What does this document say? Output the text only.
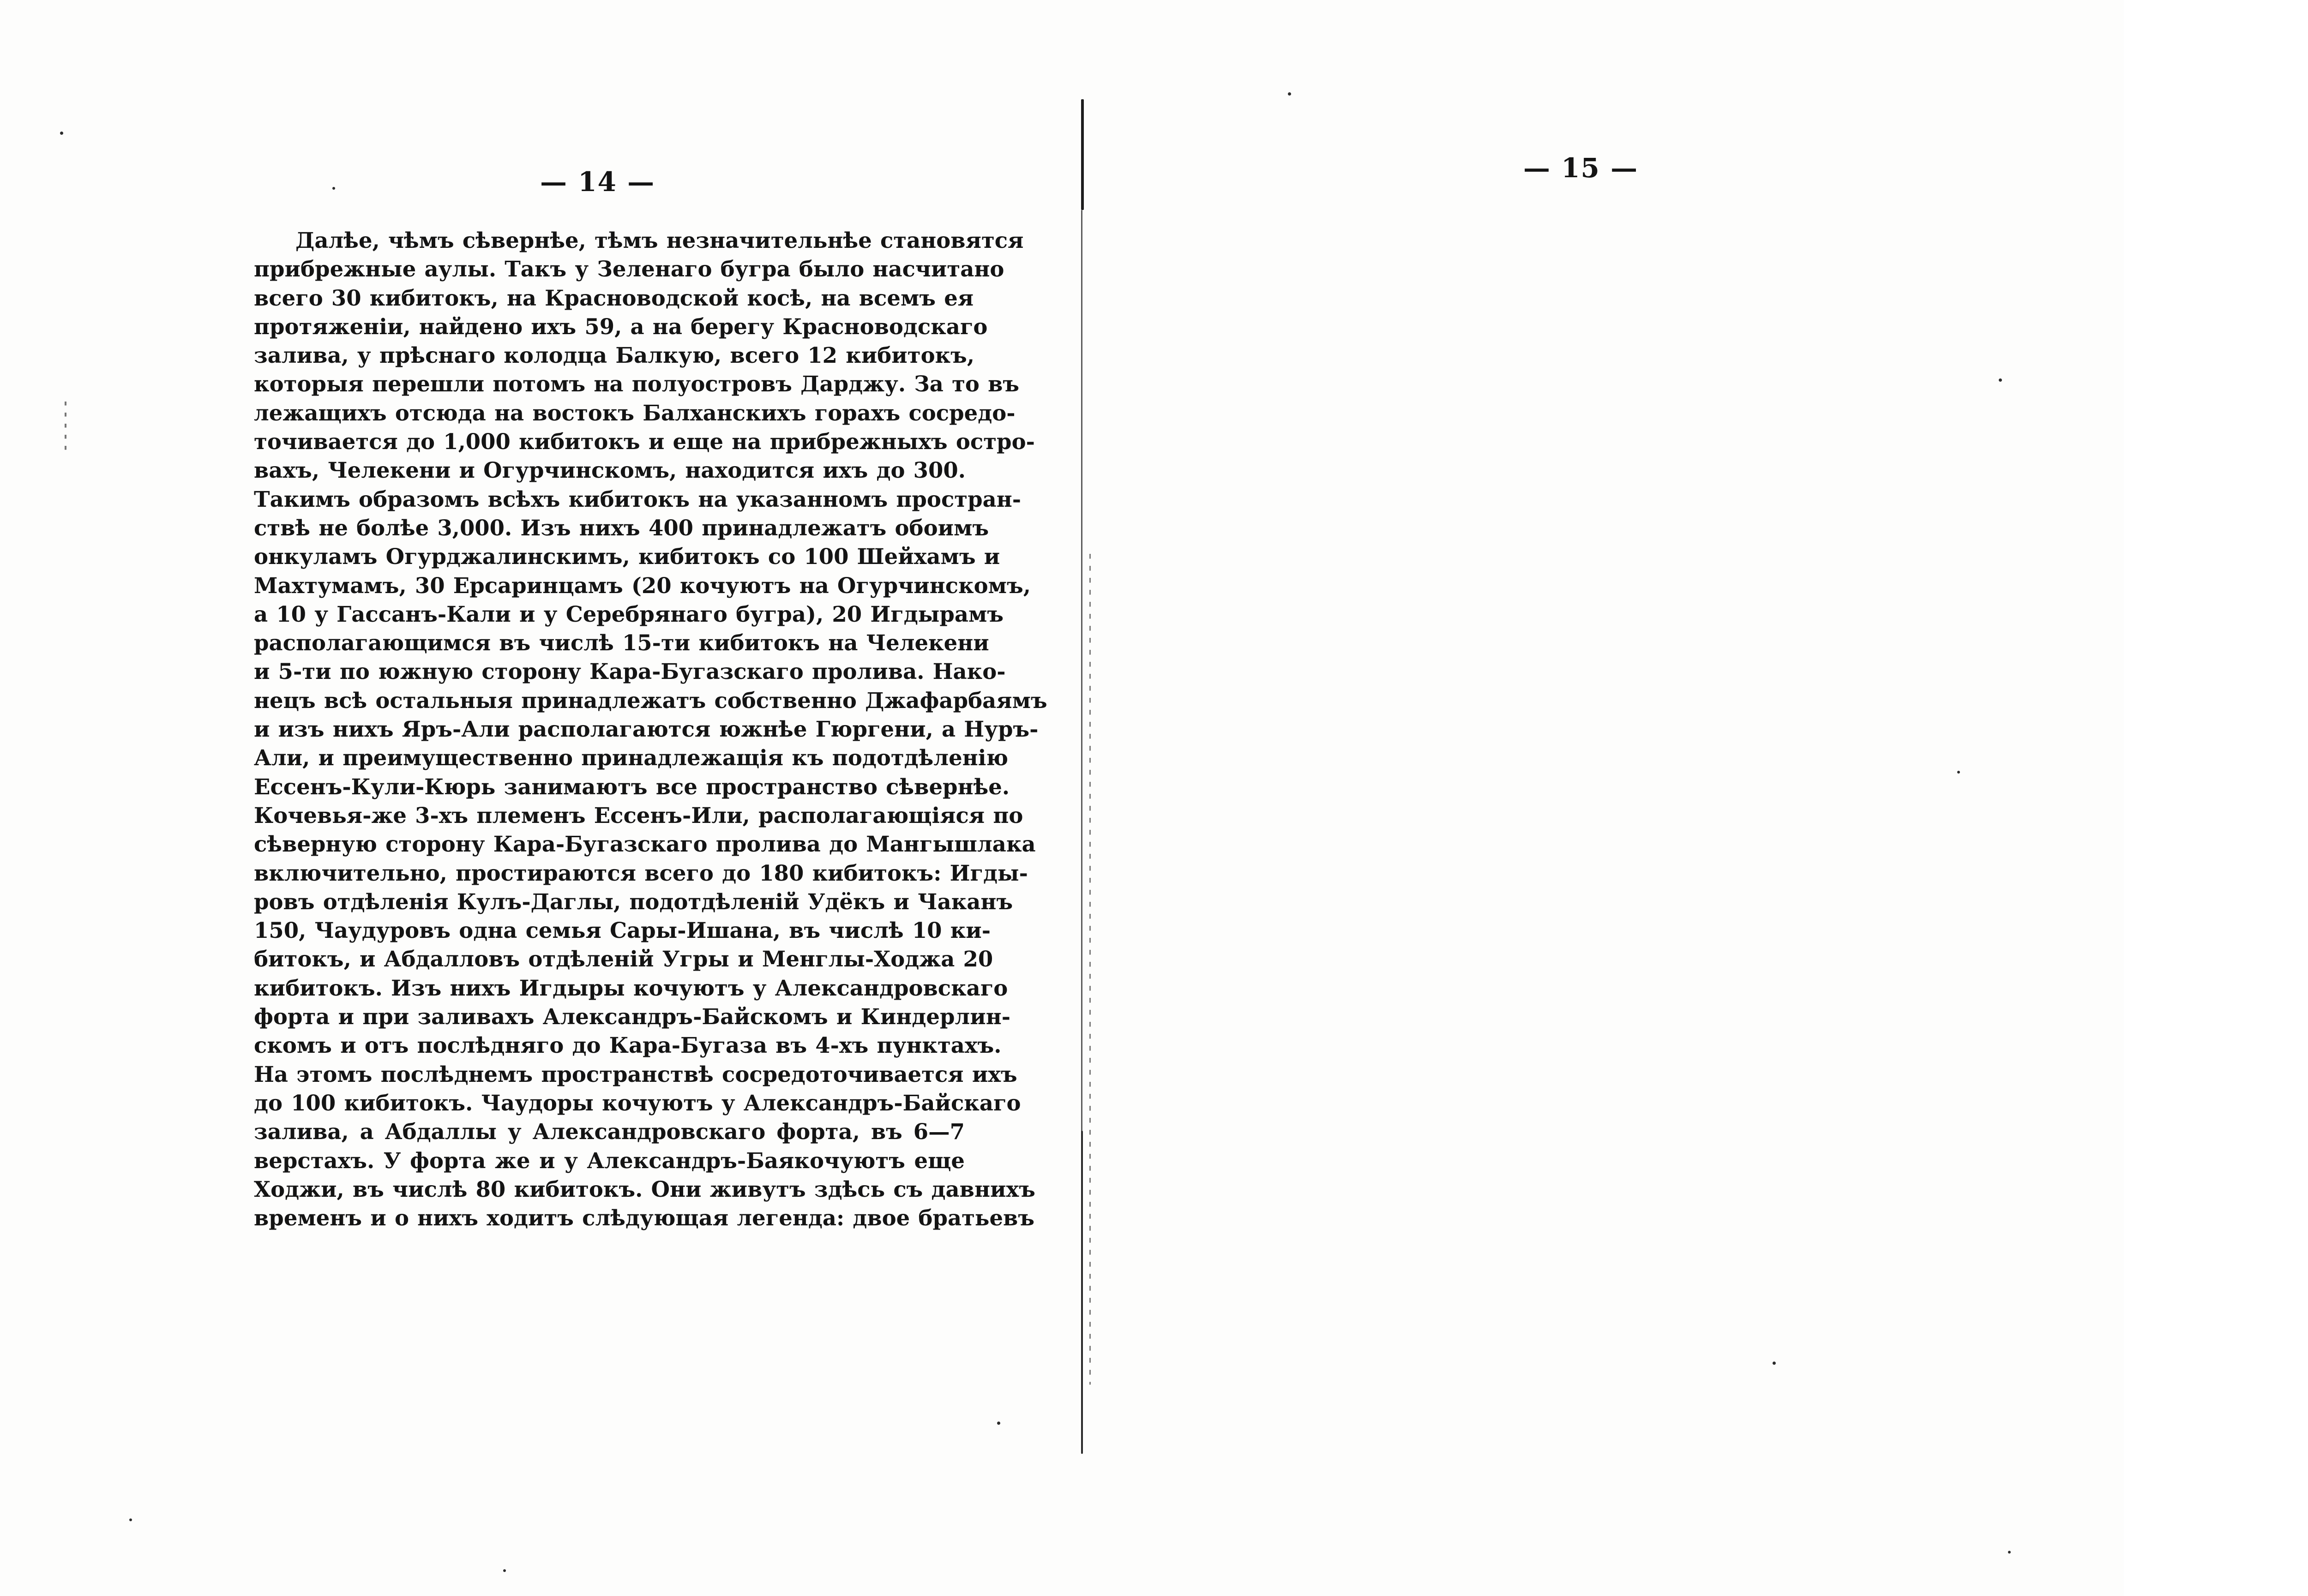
— 14 —
Далѣе, чѣмъ сѣвернѣе, тѣмъ незначительнѣе становятся
прибрежные аулы. Такъ у Зеленаго бугра было насчитано
всего 30 кибитокъ, на Красноводской косѣ, на всемъ ея
протяженіи, найдено ихъ 59, а на берегу Красноводскаго
залива, у прѣснаго колодца Балкую, всего 12 кибитокъ,
которыя перешли потомъ на полуостровъ Дарджу. За то въ
лежащихъ отсюда на востокъ Балханскихъ горахъ сосредо-
точивается до 1,000 кибитокъ и еще на прибрежныхъ остро-
вахъ, Челекени и Огурчинскомъ, находится ихъ до 300.
Такимъ образомъ всѣхъ кибитокъ на указанномъ простран-
ствѣ не болѣе 3,000. Изъ нихъ 400 принадлежатъ обоимъ
онкуламъ Огурджалинскимъ, кибитокъ со 100 Шейхамъ и
Махтумамъ, 30 Ерсаринцамъ (20 кочуютъ на Огурчинскомъ,
а 10 у Гассанъ-Кали и у Серебрянаго бугра), 20 Игдырамъ
располагающимся въ числѣ 15-ти кибитокъ на Челекени
и 5-ти по южную сторону Кара-Бугазскаго пролива. Нако-
нецъ всѣ остальныя принадлежатъ собственно Джафарбаямъ
и изъ нихъ Яръ-Али располагаются южнѣе Гюргени, а Нуръ-
Али, и преимущественно принадлежащія къ подотдѣленію
Ессенъ-Кули-Кюрь занимаютъ все пространство сѣвернѣе.
Кочевья-же 3-хъ племенъ Ессенъ-Или, располагающіяся по
сѣверную сторону Кара-Бугазскаго пролива до Мангышлака
включительно, простираются всего до 180 кибитокъ: Игды-
ровъ отдѣленія Кулъ-Даглы, подотдѣленій Удёкъ и Чаканъ
150, Чаудуровъ одна семья Сары-Ишана, въ числѣ 10 ки-
битокъ, и Абдалловъ отдѣленій Угры и Менглы-Ходжа 20
кибитокъ. Изъ нихъ Игдыры кочуютъ у Александровскаго
форта и при заливахъ Александръ-Байскомъ и Киндерлин-
скомъ и отъ послѣдняго до Кара-Бугаза въ 4-хъ пунктахъ.
На этомъ послѣднемъ пространствѣ сосредоточивается ихъ
до 100 кибитокъ. Чаудоры кочуютъ у Александръ-Байскаго
залива, а Абдаллы у Александровскаго форта, въ 6—7
верстахъ. У форта же и у Александръ-Баякочуютъ еще
Ходжи, въ числѣ 80 кибитокъ. Они живутъ здѣсь съ давнихъ
временъ и о нихъ ходитъ слѣдующая легенда: двое братьевъ
— 15 —
